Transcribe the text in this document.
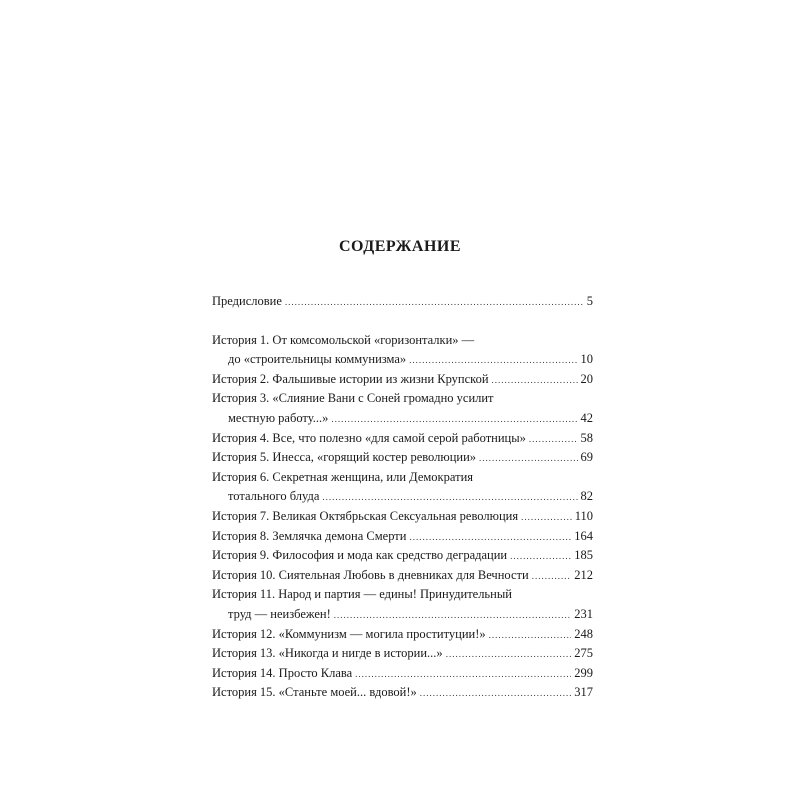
СОДЕРЖАНИЕ
Предисловие .....	5
История 1. От комсомольской «горизонталки» —
до «строительницы коммунизма» .....	10
История 2. Фальшивые истории из жизни Крупской .....	20
История 3. «Слияние Вани с Соней громадно усилит
местную работу...» .....	42
История 4. Все, что полезно «для самой серой работницы» .....	58
История 5. Инесса, «горящий костер революции» .....	69
История 6. Секретная женщина, или Демократия
тотального блуда .....	82
История 7. Великая Октябрьская Сексуальная революция .....	110
История 8. Землячка демона Смерти .....	164
История 9. Философия и мода как средство деградации .....	185
История 10. Сиятельная Любовь в дневниках для Вечности .....	212
История 11. Народ и партия — едины! Принудительный
труд — неизбежен! .....	231
История 12. «Коммунизм — могила проституции!» .....	248
История 13. «Никогда и нигде в истории...» .....	275
История 14. Просто Клава .....	299
История 15. «Станьте моей... вдовой!» .....	317
